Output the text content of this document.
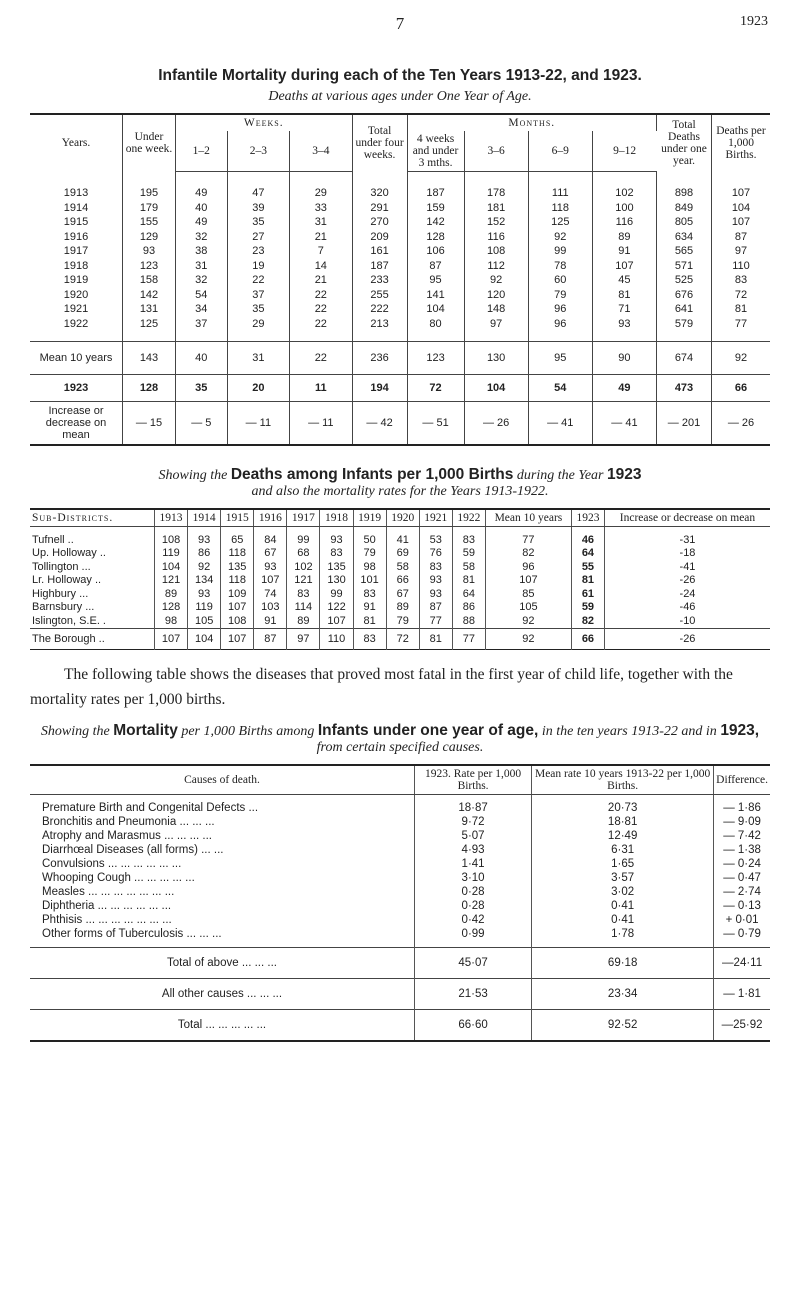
7	1923
Infantile Mortality during each of the Ten Years 1913-22, and 1923.
Deaths at various ages under One Year of Age.
Years.	Under one week.	Weeks.			Total under four weeks.	Months.				Total Deaths under one year.	Deaths per 1,000 Births.
		1–2	2–3	3–4		4 weeks and under 3 mths.	3–6	6–9	9–12		
1913	195	49	47	29	320	187	178	111	102	898	107
1914	179	40	39	33	291	159	181	118	100	849	104
1915	155	49	35	31	270	142	152	125	116	805	107
1916	129	32	27	21	209	128	116	92	89	634	87
1917	93	38	23	7	161	106	108	99	91	565	97
1918	123	31	19	14	187	87	112	78	107	571	110
1919	158	32	22	21	233	95	92	60	45	525	83
1920	142	54	37	22	255	141	120	79	81	676	72
1921	131	34	35	22	222	104	148	96	71	641	81
1922	125	37	29	22	213	80	97	96	93	579	77
Mean 10 years	143	40	31	22	236	123	130	95	90	674	92
1923	128	35	20	11	194	72	104	54	49	473	66
Increase or decrease on mean	— 15	— 5	— 11	— 11	— 42	— 51	— 26	— 41	— 41	— 201	— 26
Showing the Deaths among Infants per 1,000 Births during the Year 1923
and also the mortality rates for the Years 1913-1922.
Sub-Districts.	1913	1914	1915	1916	1917	1918	1919	1920	1921	1922	Mean 10 years	1923	Increase or decrease on mean
Tufnell ..	108	93	65	84	99	93	50	41	53	83	77	46	-31
Up. Holloway ..	119	86	118	67	68	83	79	69	76	59	82	64	-18
Tollington ...	104	92	135	93	102	135	98	58	83	58	96	55	-41
Lr. Holloway ..	121	134	118	107	121	130	101	66	93	81	107	81	-26
Highbury ...	89	93	109	74	83	99	83	67	93	64	85	61	-24
Barnsbury ...	128	119	107	103	114	122	91	89	87	86	105	59	-46
Islington, S.E. .	98	105	108	91	89	107	81	79	77	88	92	82	-10
The Borough ..	107	104	107	87	97	110	83	72	81	77	92	66	-26

The following table shows the diseases that proved most fatal in the first year of child life, together with the mortality rates per 1,000 births.

Showing the Mortality per 1,000 Births among Infants under one year of age, in the ten years 1913-22 and in 1923, from certain specified causes.
Causes of death.	1923. Rate per 1,000 Births.	Mean rate 10 years 1913-22 per 1,000 Births.	Difference.
Premature Birth and Congenital Defects ...	18·87	20·73	— 1·86
Bronchitis and Pneumonia ... ... ...	9·72	18·81	— 9·09
Atrophy and Marasmus ... ... ... ...	5·07	12·49	— 7·42
Diarrhœal Diseases (all forms) ... ...	4·93	6·31	— 1·38
Convulsions ... ... ... ... ... ...	1·41	1·65	— 0·24
Whooping Cough ... ... ... ... ...	3·10	3·57	— 0·47
Measles ... ... ... ... ... ... ...	0·28	3·02	— 2·74
Diphtheria ... ... ... ... ... ...	0·28	0·41	— 0·13
Phthisis ... ... ... ... ... ... ...	0·42	0·41	+ 0·01
Other forms of Tuberculosis ... ... ...	0·99	1·78	— 0·79
Total of above ... ... ...	45·07	69·18	—24·11
All other causes ... ... ...	21·53	23·34	— 1·81
Total ... ... ... ... ...	66·60	92·52	—25·92
